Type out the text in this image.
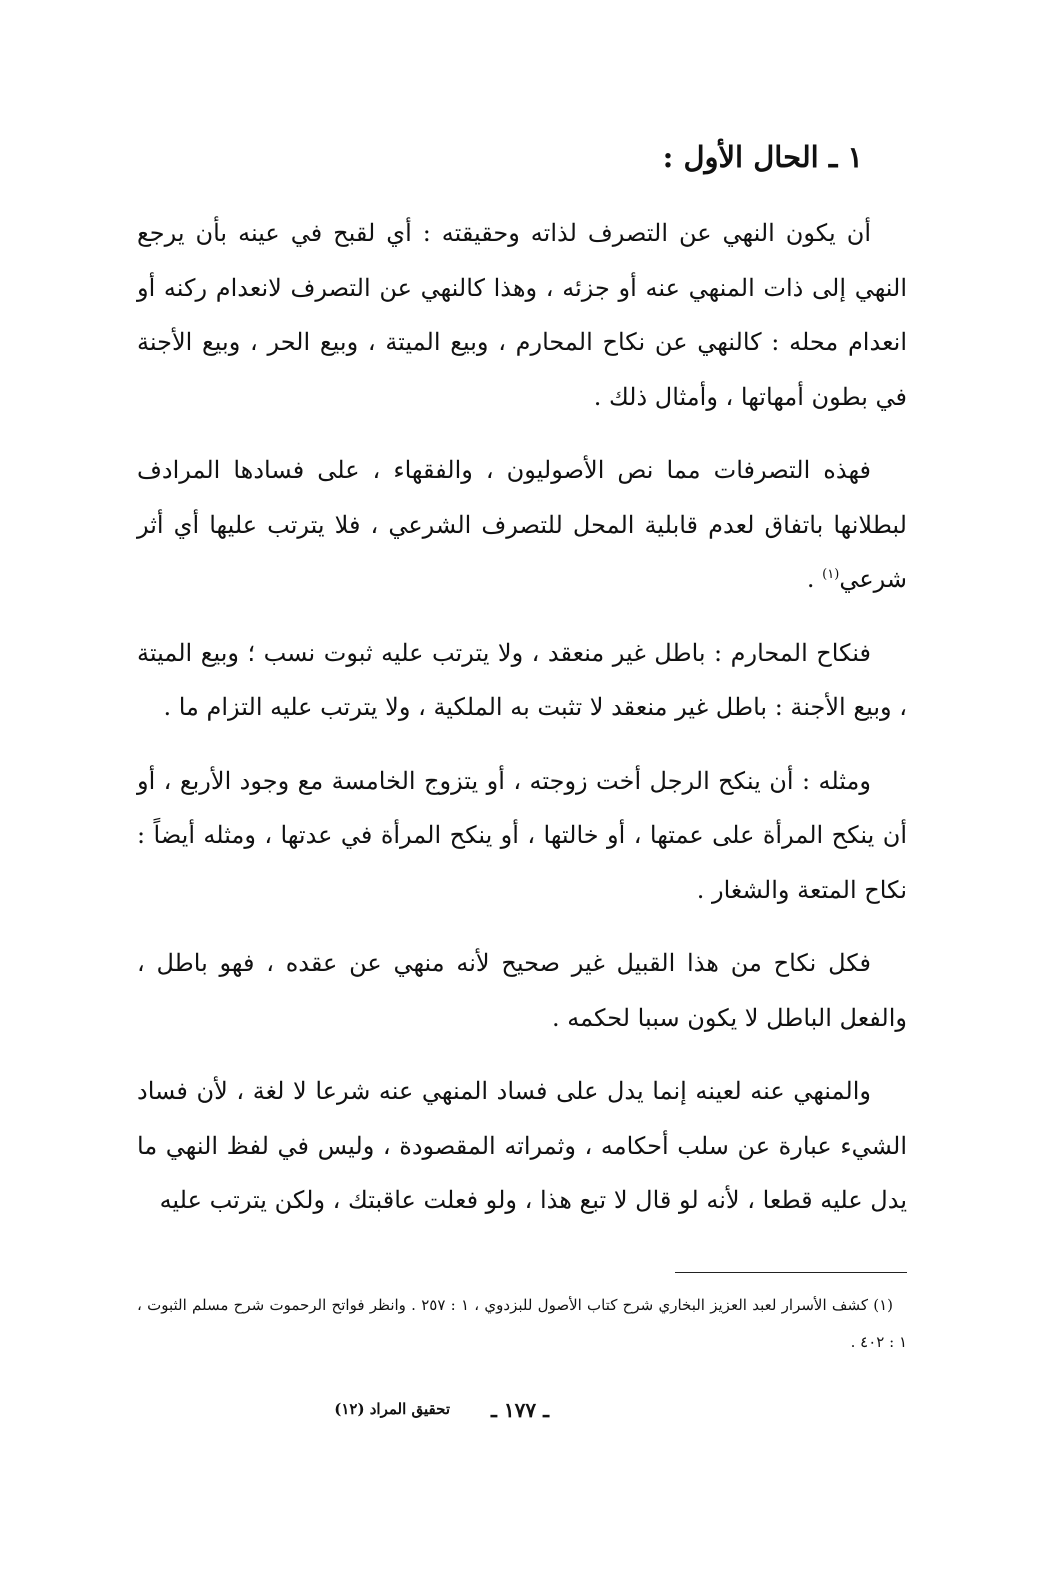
١ ـ الحال الأول :

أن يكون النهي عن التصرف لذاته وحقيقته : أي لقبح في عينه بأن يرجع النهي إلى ذات المنهي عنه أو جزئه ، وهذا كالنهي عن التصرف لانعدام ركنه أو انعدام محله : كالنهي عن نكاح المحارم ، وبيع الميتة ، وبيع الحر ، وبيع الأجنة في بطون أمهاتها ، وأمثال ذلك .

فهذه التصرفات مما نص الأصوليون ، والفقهاء ، على فسادها المرادف لبطلانها باتفاق لعدم قابلية المحل للتصرف الشرعي ، فلا يترتب عليها أي أثر شرعي$^{(١)}$ .

فنكاح المحارم : باطل غير منعقد ، ولا يترتب عليه ثبوت نسب ؛ وبيع الميتة ، وبيع الأجنة : باطل غير منعقد لا تثبت به الملكية ، ولا يترتب عليه التزام ما .

ومثله : أن ينكح الرجل أخت زوجته ، أو يتزوج الخامسة مع وجود الأربع ، أو أن ينكح المرأة على عمتها ، أو خالتها ، أو ينكح المرأة في عدتها ، ومثله أيضاً : نكاح المتعة والشغار .

فكل نكاح من هذا القبيل غير صحيح لأنه منهي عن عقده ، فهو باطل ، والفعل الباطل لا يكون سببا لحكمه .

والمنهي عنه لعينه إنما يدل على فساد المنهي عنه شرعا لا لغة ، لأن فساد الشيء عبارة عن سلب أحكامه ، وثمراته المقصودة ، وليس في لفظ النهي ما يدل عليه قطعا ، لأنه لو قال لا تبع هذا ، ولو فعلت عاقبتك ، ولكن يترتب عليه

(١) كشف الأسرار لعبد العزيز البخاري شرح كتاب الأصول للبزدوي ، ١ : ٢٥٧ . وانظر فواتح الرحموت شرح مسلم الثبوت ، ١ : ٤٠٢ .
ـ ١٧٧ ـ
تحقيق المراد (١٢)
